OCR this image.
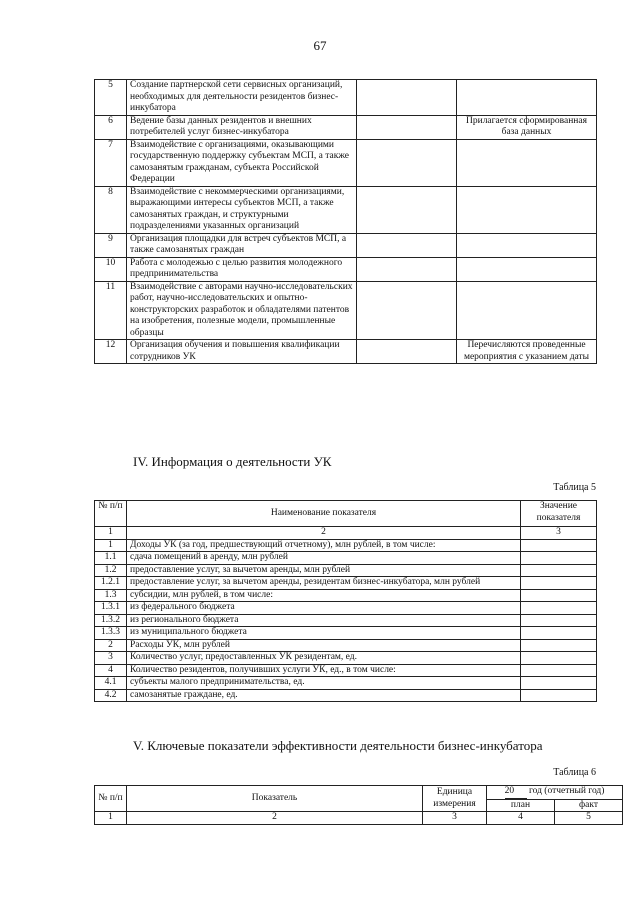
67
5	Создание партнерской сети сервисных организаций, необходимых для деятельности резидентов бизнес-инкубатора		
6	Ведение базы данных резидентов и внешних потребителей услуг бизнес-инкубатора		Прилагается сформированная база данных
7	Взаимодействие с организациями, оказывающими государственную поддержку субъектам МСП, а также самозанятым гражданам, субъекта Российской Федерации		
8	Взаимодействие с некоммерческими организациями, выражающими интересы субъектов МСП, а также самозанятых граждан, и структурными подразделениями указанных организаций		
9	Организация площадки для встреч субъектов МСП, а также самозанятых граждан		
10	Работа с молодежью с целью развития молодежного предпринимательства		
11	Взаимодействие с авторами научно-исследовательских работ, научно-исследовательских и опытно-конструкторских разработок и обладателями патентов на изобретения, полезные модели, промышленные образцы		
12	Организация обучения и повышения квалификации сотрудников УК		Перечисляются проведенные мероприятия с указанием даты
IV. Информация о деятельности УК
Таблица 5
№ п/п	Наименование показателя	Значение показателя
1	2	3
1	Доходы УК (за год, предшествующий отчетному), млн рублей, в том числе:	
1.1	сдача помещений в аренду, млн рублей	
1.2	предоставление услуг, за вычетом аренды, млн рублей	
1.2.1	предоставление услуг, за вычетом аренды, резидентам бизнес-инкубатора, млн рублей	
1.3	субсидии, млн рублей, в том числе:	
1.3.1	из федерального бюджета	
1.3.2	из регионального бюджета	
1.3.3	из муниципального бюджета	
2	Расходы УК, млн рублей	
3	Количество услуг, предоставленных УК резидентам, ед.	
4	Количество резидентов, получивших услуги УК, ед., в том числе:	
4.1	субъекты малого предпринимательства, ед.	
4.2	самозанятые граждане, ед.	
V. Ключевые показатели эффективности деятельности бизнес-инкубатора
Таблица 6
№ п/п	Показатель	Единица измерения	20 год (отчетный год)	
			план	факт
1	2	3	4	5
